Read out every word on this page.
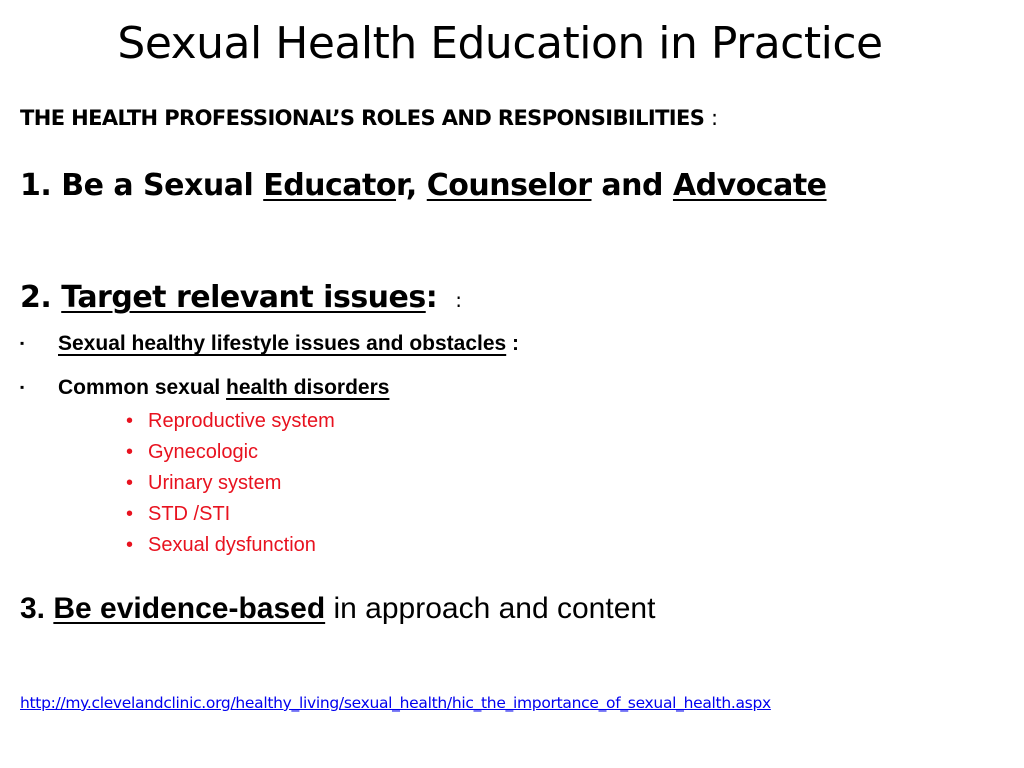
Sexual Health Education in Practice
THE HEALTH PROFESSIONAL’S ROLES AND RESPONSIBILITIES :
1. Be a Sexual Educator, Counselor and Advocate
2. Target relevant issues: :
▪	Sexual healthy lifestyle issues and obstacles :
▪	Common sexual health disorders
• Reproductive system
• Gynecologic
• Urinary system
• STD /STI
• Sexual dysfunction
3. Be evidence-based in approach and content
http://my.clevelandclinic.org/healthy_living/sexual_health/hic_the_importance_of_sexual_health.aspx
